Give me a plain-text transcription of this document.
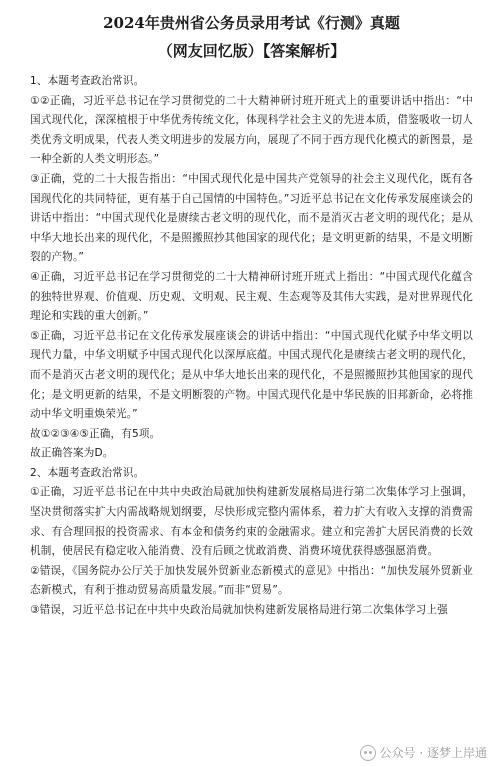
2024年贵州省公务员录用考试《行测》真题
（网友回忆版）【答案解析】

1、本题考查政治常识。

①②正确，习近平总书记在学习贯彻党的二十大精神研讨班开班式上的重要讲话中指出：“中国式现代化，深深植根于中华优秀传统文化，体现科学社会主义的先进本质，借鉴吸收一切人类优秀文明成果，代表人类文明进步的发展方向，展现了不同于西方现代化模式的新图景，是一种全新的人类文明形态。”

③正确，党的二十大报告指出：“中国式现代化是中国共产党领导的社会主义现代化，既有各国现代化的共同特征，更有基于自己国情的中国特色。”习近平总书记在文化传承发展座谈会的讲话中指出：“中国式现代化是赓续古老文明的现代化，而不是消灭古老文明的现代化；是从中华大地长出来的现代化，不是照搬照抄其他国家的现代化；是文明更新的结果，不是文明断裂的产物。”

④正确，习近平总书记在学习贯彻党的二十大精神研讨班开班式上指出：“中国式现代化蕴含的独特世界观、价值观、历史观、文明观、民主观、生态观等及其伟大实践，是对世界现代化理论和实践的重大创新。”

⑤正确，习近平总书记在文化传承发展座谈会的讲话中指出：“中国式现代化赋予中华文明以现代力量，中华文明赋予中国式现代化以深厚底蕴。中国式现代化是赓续古老文明的现代化，而不是消灭古老文明的现代化；是从中华大地长出来的现代化，不是照搬照抄其他国家的现代化；是文明更新的结果，不是文明断裂的产物。中国式现代化是中华民族的旧邦新命，必将推动中华文明重焕荣光。”

故①②③④⑤正确，有5项。

故正确答案为D。

2、本题考查政治常识。

①正确，习近平总书记在中共中央政治局就加快构建新发展格局进行第二次集体学习上强调，坚决贯彻落实扩大内需战略规划纲要，尽快形成完整内需体系，着力扩大有收入支撑的消费需求、有合理回报的投资需求、有本金和债务约束的金融需求。建立和完善扩大居民消费的长效机制，使居民有稳定收入能消费、没有后顾之忧敢消费、消费环境优获得感强愿消费。

②错误，《国务院办公厅关于加快发展外贸新业态新模式的意见》中指出：“加快发展外贸新业态新模式，有利于推动贸易高质量发展。”而非“贸易”。

③错误，习近平总书记在中共中央政治局就加快构建新发展格局进行第二次集体学习上强

公众号 · 逐梦上岸通
